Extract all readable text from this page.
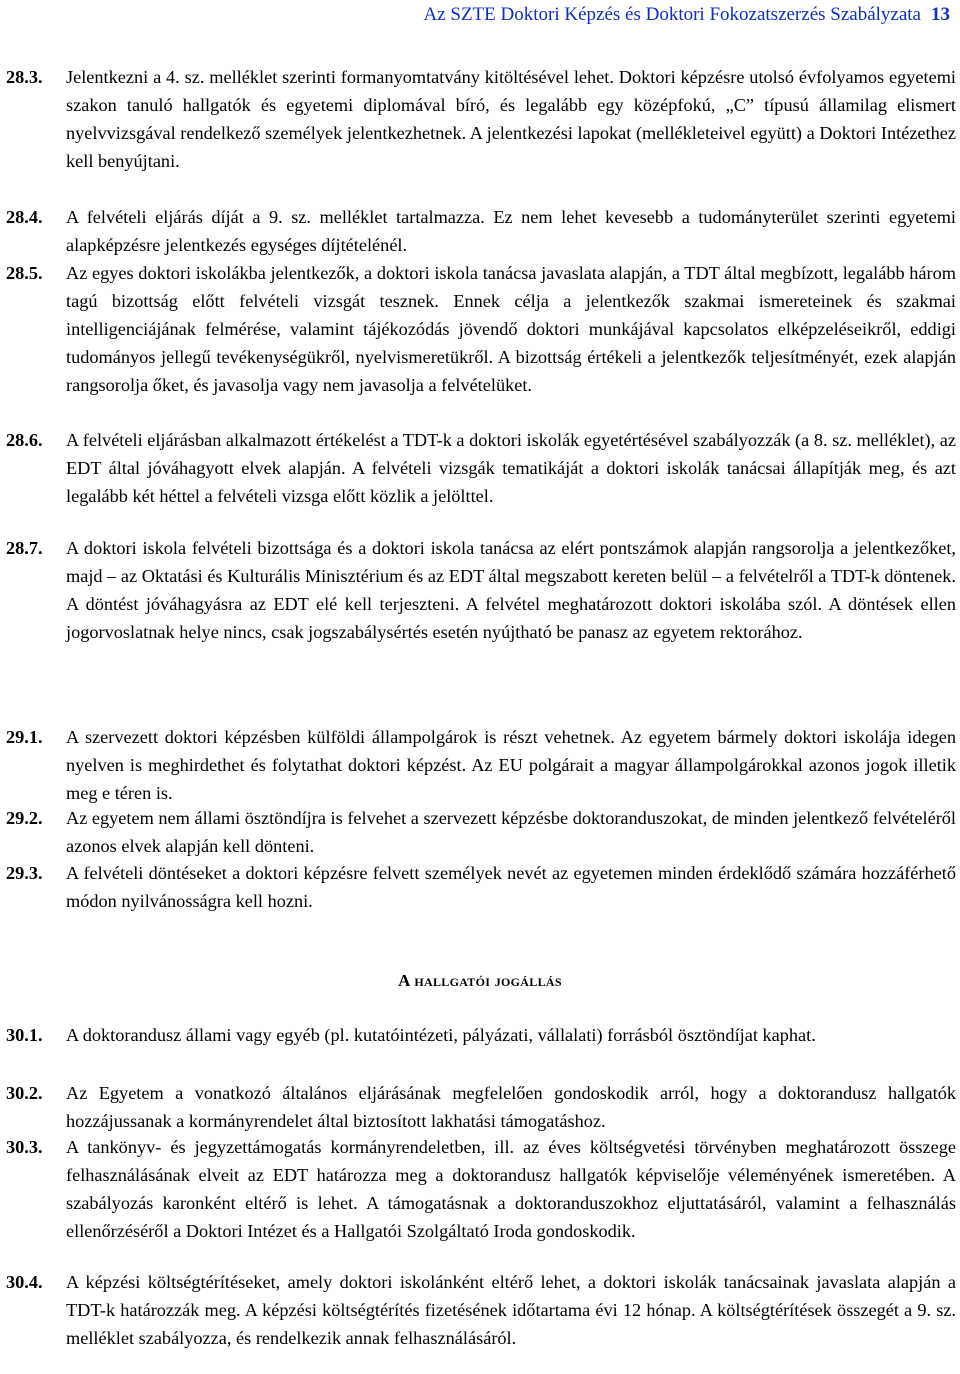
Az SZTE Doktori Képzés és Doktori Fokozatszerzés Szabályzata 13
28.3.	Jelentkezni a 4. sz. melléklet szerinti formanyomtatvány kitöltésével lehet. Doktori képzésre utolsó évfolyamos egyetemi szakon tanuló hallgatók és egyetemi diplomával bíró, és legalább egy középfokú, „C” típusú államilag elismert nyelvvizsgával rendelkező személyek jelentkezhetnek. A jelentkezési lapokat (mellékleteivel együtt) a Doktori Intézethez kell benyújtani.
28.4.	A felvételi eljárás díját a 9. sz. melléklet tartalmazza. Ez nem lehet kevesebb a tudományterület szerinti egyetemi alapképzésre jelentkezés egységes díjtételénél.
28.5.	Az egyes doktori iskolákba jelentkezők, a doktori iskola tanácsa javaslata alapján, a TDT által megbízott, legalább három tagú bizottság előtt felvételi vizsgát tesznek. Ennek célja a jelentkezők szakmai ismereteinek és szakmai intelligenciájának felmérése, valamint tájékozódás jövendő doktori munkájával kapcsolatos elképzeléseikről, eddigi tudományos jellegű tevékenységükről, nyelvismeretükről. A bizottság értékeli a jelentkezők teljesítményét, ezek alapján rangsorolja őket, és javasolja vagy nem javasolja a felvételüket.
28.6.	A felvételi eljárásban alkalmazott értékelést a TDT-k a doktori iskolák egyetértésével szabályozzák (a 8. sz. melléklet), az EDT által jóváhagyott elvek alapján. A felvételi vizsgák tematikáját a doktori iskolák tanácsai állapítják meg, és azt legalább két héttel a felvételi vizsga előtt közlik a jelölttel.
28.7.	A doktori iskola felvételi bizottsága és a doktori iskola tanácsa az elért pontszámok alapján rangsorolja a jelentkezőket, majd – az Oktatási és Kulturális Minisztérium és az EDT által megszabott kereten belül – a felvételről a TDT-k döntenek. A döntést jóváhagyásra az EDT elé kell terjeszteni. A felvétel meghatározott doktori iskolába szól. A döntések ellen jogorvoslatnak helye nincs, csak jogszabálysértés esetén nyújtható be panasz az egyetem rektorához.
29.1.	A szervezett doktori képzésben külföldi állampolgárok is részt vehetnek. Az egyetem bármely doktori iskolája idegen nyelven is meghirdethet és folytathat doktori képzést. Az EU polgárait a magyar állampolgárokkal azonos jogok illetik meg e téren is.
29.2.	Az egyetem nem állami ösztöndíjra is felvehet a szervezett képzésbe doktoranduszokat, de minden jelentkező felvételéről azonos elvek alapján kell dönteni.
29.3.	A felvételi döntéseket a doktori képzésre felvett személyek nevét az egyetemen minden érdeklődő számára hozzáférhető módon nyilvánosságra kell hozni.
A hallgatói jogállás
30.1.	A doktorandusz állami vagy egyéb (pl. kutatóintézeti, pályázati, vállalati) forrásból ösztöndíjat kaphat.
30.2.	Az Egyetem a vonatkozó általános eljárásának megfelelően gondoskodik arról, hogy a doktorandusz hallgatók hozzájussanak a kormányrendelet által biztosított lakhatási támogatáshoz.
30.3.	A tankönyv- és jegyzettámogatás kormányrendeletben, ill. az éves költségvetési törvényben meghatározott összege felhasználásának elveit az EDT határozza meg a doktorandusz hallgatók képviselője véleményének ismeretében. A szabályozás karonként eltérő is lehet. A támogatásnak a doktoranduszokhoz eljuttatásáról, valamint a felhasználás ellenőrzéséről a Doktori Intézet és a Hallgatói Szolgáltató Iroda gondoskodik.
30.4.	A képzési költségtérítéseket, amely doktori iskolánként eltérő lehet, a doktori iskolák tanácsainak javaslata alapján a TDT-k határozzák meg. A képzési költségtérítés fizetésének időtartama évi 12 hónap. A költségtérítések összegét a 9. sz. melléklet szabályozza, és rendelkezik annak felhasználásáról.
